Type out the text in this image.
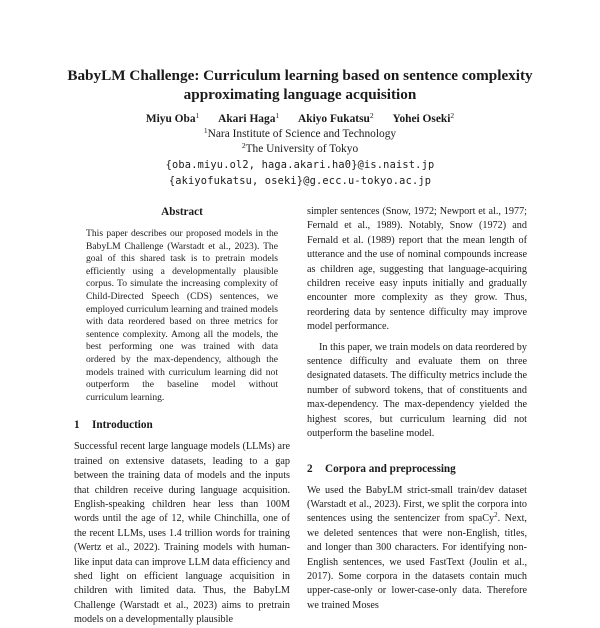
BabyLM Challenge: Curriculum learning based on sentence complexity
approximating language acquisition
Miyu Oba$^1$ Akari Haga$^1$ Akiyo Fukatsu$^2$ Yohei Oseki$^2$
$^1$Nara Institute of Science and Technology
$^2$The University of Tokyo
{oba.miyu.ol2, haga.akari.ha0}@is.naist.jp
{akiyofukatsu, oseki}@g.ecc.u-tokyo.ac.jp
Abstract

This paper describes our proposed models in the BabyLM Challenge (Warstadt et al., 2023). The goal of this shared task is to pretrain models efficiently using a developmentally plausible corpus. To simulate the increasing complexity of Child-Directed Speech (CDS) sentences, we employed curriculum learning and trained models with data reordered based on three metrics for sentence complexity. Among all the models, the best performing one was trained with data ordered by the max-dependency, although the models trained with curriculum learning did not outperform the baseline model without curriculum learning.

1 Introduction

Successful recent large language models (LLMs) are trained on extensive datasets, leading to a gap between the training data of models and the inputs that children receive during language acquisition. English-speaking children hear less than 100M words until the age of 12, while Chinchilla, one of the recent LLMs, uses 1.4 trillion words for training (Wertz et al., 2022). Training models with human-like input data can improve LLM data efficiency and shed light on efficient language acquisition in children with limited data. Thus, the BabyLM Challenge (Warstadt et al., 2023) aims to pretrain models on a developmentally plausible

simpler sentences (Snow, 1972; Newport et al., 1977; Fernald et al., 1989). Notably, Snow (1972) and Fernald et al. (1989) report that the mean length of utterance and the use of nominal compounds increase as children age, suggesting that language-acquiring children receive easy inputs initially and gradually encounter more complexity as they grow. Thus, reordering data by sentence difficulty may improve model performance.

In this paper, we train models on data reordered by sentence difficulty and evaluate them on three designated datasets. The difficulty metrics include the number of subword tokens, that of constituents and max-dependency. The max-dependency yielded the highest scores, but curriculum learning did not outperform the baseline model.

2 Corpora and preprocessing

We used the BabyLM strict-small train/dev dataset (Warstadt et al., 2023). First, we split the corpora into sentences using the sentencizer from spaCy$^2$. Next, we deleted sentences that were non-English, titles, and longer than 300 characters. For identifying non-English sentences, we used FastText (Joulin et al., 2017). Some corpora in the datasets contain much upper-case-only or lower-case-only data. Therefore we trained Moses
